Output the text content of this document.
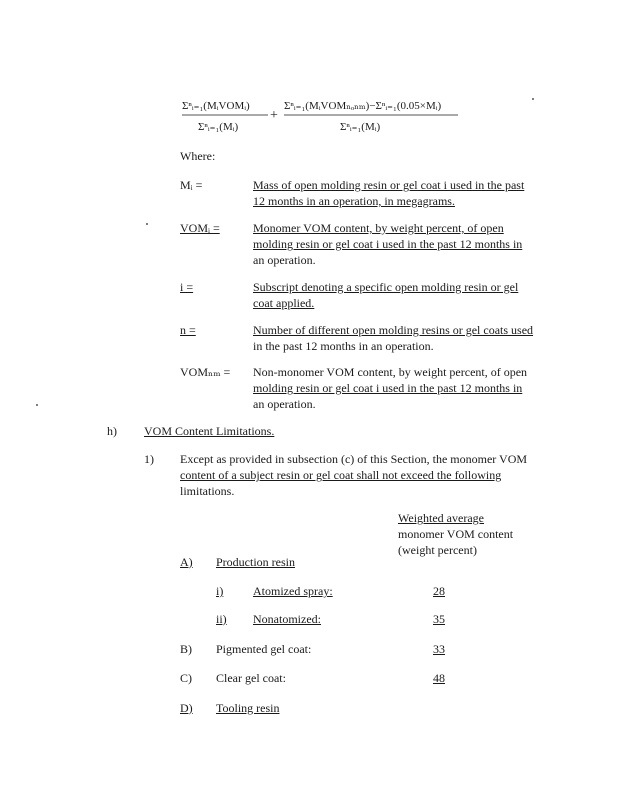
Σⁿᵢ₌₁(MᵢVOMᵢ)
Σⁿᵢ₌₁(Mᵢ)
+
Σⁿᵢ₌₁(MᵢVOMₙₒₙₘ)−Σⁿᵢ₌₁(0.05×Mᵢ)
Σⁿᵢ₌₁(Mᵢ)
Where:
Mᵢ =	Mass of open molding resin or gel coat i used in the past
12 months in an operation, in megagrams.
VOMᵢ =	Monomer VOM content, by weight percent, of open
molding resin or gel coat i used in the past 12 months in
an operation.
i =	Subscript denoting a specific open molding resin or gel
coat applied.
n =	Number of different open molding resins or gel coats used
in the past 12 months in an operation.
VOMₙₘ = Non-monomer VOM content, by weight percent, of open
molding resin or gel coat i used in the past 12 months in
an operation.
h) VOM Content Limitations.
1) Except as provided in subsection (c) of this Section, the monomer VOM
content of a subject resin or gel coat shall not exceed the following
limitations.
Weighted average
monomer VOM content
(weight percent)
A) Production resin
i) Atomized spray:	28
ii) Nonatomized:	35
B) Pigmented gel coat:	33
C) Clear gel coat:	48
D) Tooling resin
